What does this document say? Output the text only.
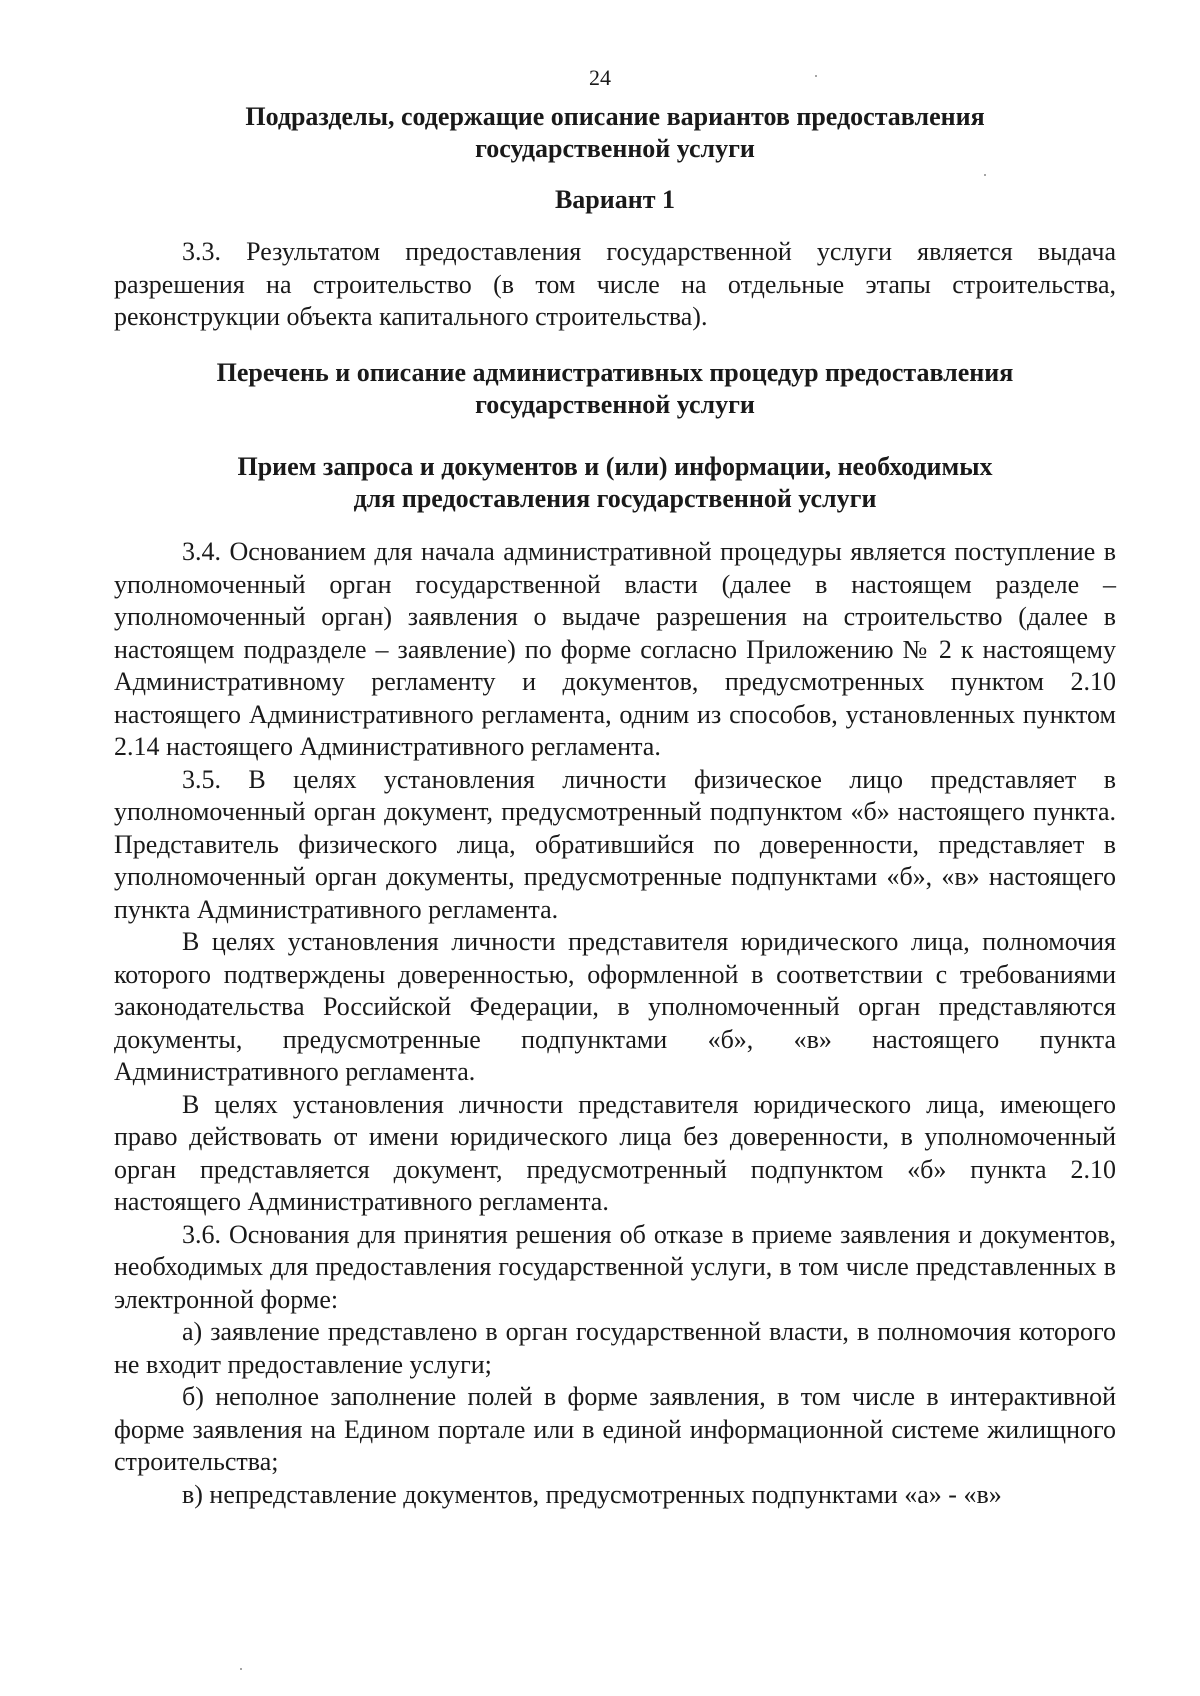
24
Подразделы, содержащие описание вариантов предоставления
государственной услуги
Вариант 1

3.3. Результатом предоставления государственной услуги является выдача разрешения на строительство (в том числе на отдельные этапы строительства, реконструкции объекта капитального строительства).

Перечень и описание административных процедур предоставления
государственной услуги
Прием запроса и документов и (или) информации, необходимых
для предоставления государственной услуги

3.4. Основанием для начала административной процедуры является поступление в уполномоченный орган государственной власти (далее в настоящем разделе – уполномоченный орган) заявления о выдаче разрешения на строительство (далее в настоящем подразделе – заявление) по форме согласно Приложению № 2 к настоящему Административному регламенту и документов, предусмотренных пунктом 2.10 настоящего Административного регламента, одним из способов, установленных пунктом 2.14 настоящего Административного регламента.

3.5. В целях установления личности физическое лицо представляет в уполномоченный орган документ, предусмотренный подпунктом «б» настоящего пункта. Представитель физического лица, обратившийся по доверенности, представляет в уполномоченный орган документы, предусмотренные подпунктами «б», «в» настоящего пункта Административного регламента.

В целях установления личности представителя юридического лица, полномочия которого подтверждены доверенностью, оформленной в соответствии с требованиями законодательства Российской Федерации, в уполномоченный орган представляются документы, предусмотренные подпунктами «б», «в» настоящего пункта Административного регламента.

В целях установления личности представителя юридического лица, имеющего право действовать от имени юридического лица без доверенности, в уполномоченный орган представляется документ, предусмотренный подпунктом «б» пункта 2.10 настоящего Административного регламента.

3.6. Основания для принятия решения об отказе в приеме заявления и документов, необходимых для предоставления государственной услуги, в том числе представленных в электронной форме:

а) заявление представлено в орган государственной власти, в полномочия которого не входит предоставление услуги;

б) неполное заполнение полей в форме заявления, в том числе в интерактивной форме заявления на Едином портале или в единой информационной системе жилищного строительства;

в) непредставление документов, предусмотренных подпунктами «а» - «в»
